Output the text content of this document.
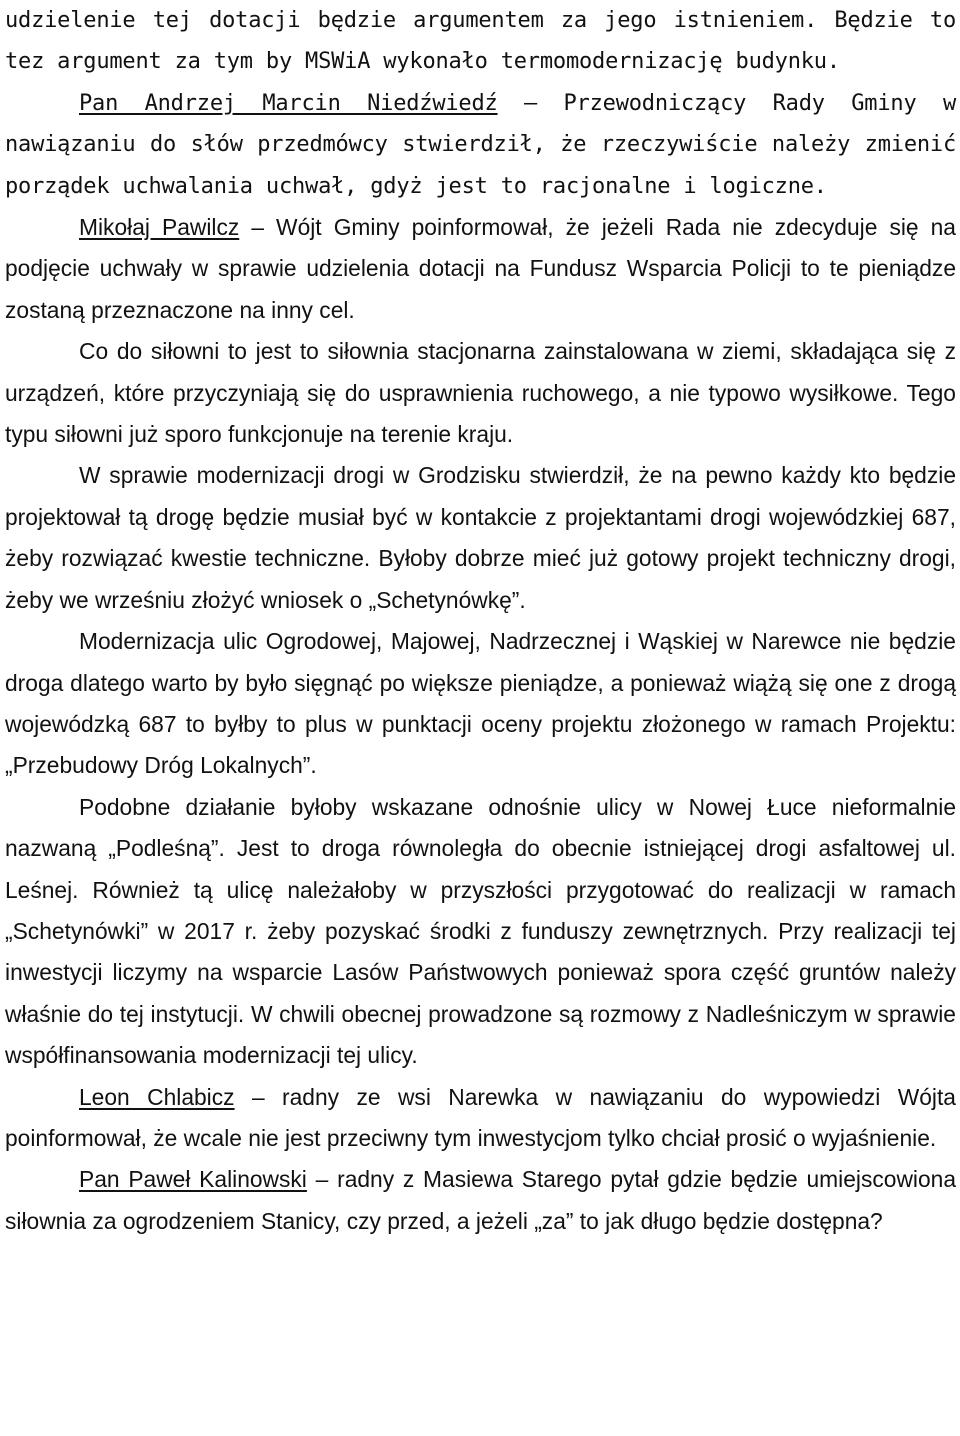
udzielenie tej dotacji będzie argumentem za jego istnieniem. Będzie to tez argument za tym by MSWiA wykonało termomodernizację budynku.

Pan Andrzej Marcin Niedźwiedź – Przewodniczący Rady Gminy w nawiązaniu do słów przedmówcy stwierdził, że rzeczywiście należy zmienić porządek uchwalania uchwał, gdyż jest to racjonalne i logiczne.

Mikołaj Pawilcz – Wójt Gminy poinformował, że jeżeli Rada nie zdecyduje się na podjęcie uchwały w sprawie udzielenia dotacji na Fundusz Wsparcia Policji to te pieniądze zostaną przeznaczone na inny cel.

Co do siłowni to jest to siłownia stacjonarna zainstalowana w ziemi, składająca się z urządzeń, które przyczyniają się do usprawnienia ruchowego, a nie typowo wysiłkowe. Tego typu siłowni już sporo funkcjonuje na terenie kraju.

W sprawie modernizacji drogi w Grodzisku stwierdził, że na pewno każdy kto będzie projektował tą drogę będzie musiał być w kontakcie z projektantami drogi wojewódzkiej 687, żeby rozwiązać kwestie techniczne. Byłoby dobrze mieć już gotowy projekt techniczny drogi, żeby we wrześniu złożyć wniosek o „Schetynówkę”.

Modernizacja ulic Ogrodowej, Majowej, Nadrzecznej i Wąskiej w Narewce nie będzie droga dlatego warto by było sięgnąć po większe pieniądze, a ponieważ wiążą się one z drogą wojewódzką 687 to byłby to plus w punktacji oceny projektu złożonego w ramach Projektu: „Przebudowy Dróg Lokalnych”.

Podobne działanie byłoby wskazane odnośnie ulicy w Nowej Łuce nieformalnie nazwaną „Podleśną”. Jest to droga równoległa do obecnie istniejącej drogi asfaltowej ul. Leśnej. Również tą ulicę należałoby w przyszłości przygotować do realizacji w ramach „Schetynówki” w 2017 r. żeby pozyskać środki z funduszy zewnętrznych. Przy realizacji tej inwestycji liczymy na wsparcie Lasów Państwowych ponieważ spora część gruntów należy właśnie do tej instytucji. W chwili obecnej prowadzone są rozmowy z Nadleśniczym w sprawie współfinansowania modernizacji tej ulicy.

Leon Chlabicz – radny ze wsi Narewka w nawiązaniu do wypowiedzi Wójta poinformował, że wcale nie jest przeciwny tym inwestycjom tylko chciał prosić o wyjaśnienie.

Pan Paweł Kalinowski – radny z Masiewa Starego pytał gdzie będzie umiejscowiona siłownia za ogrodzeniem Stanicy, czy przed, a jeżeli „za” to jak długo będzie dostępna?
